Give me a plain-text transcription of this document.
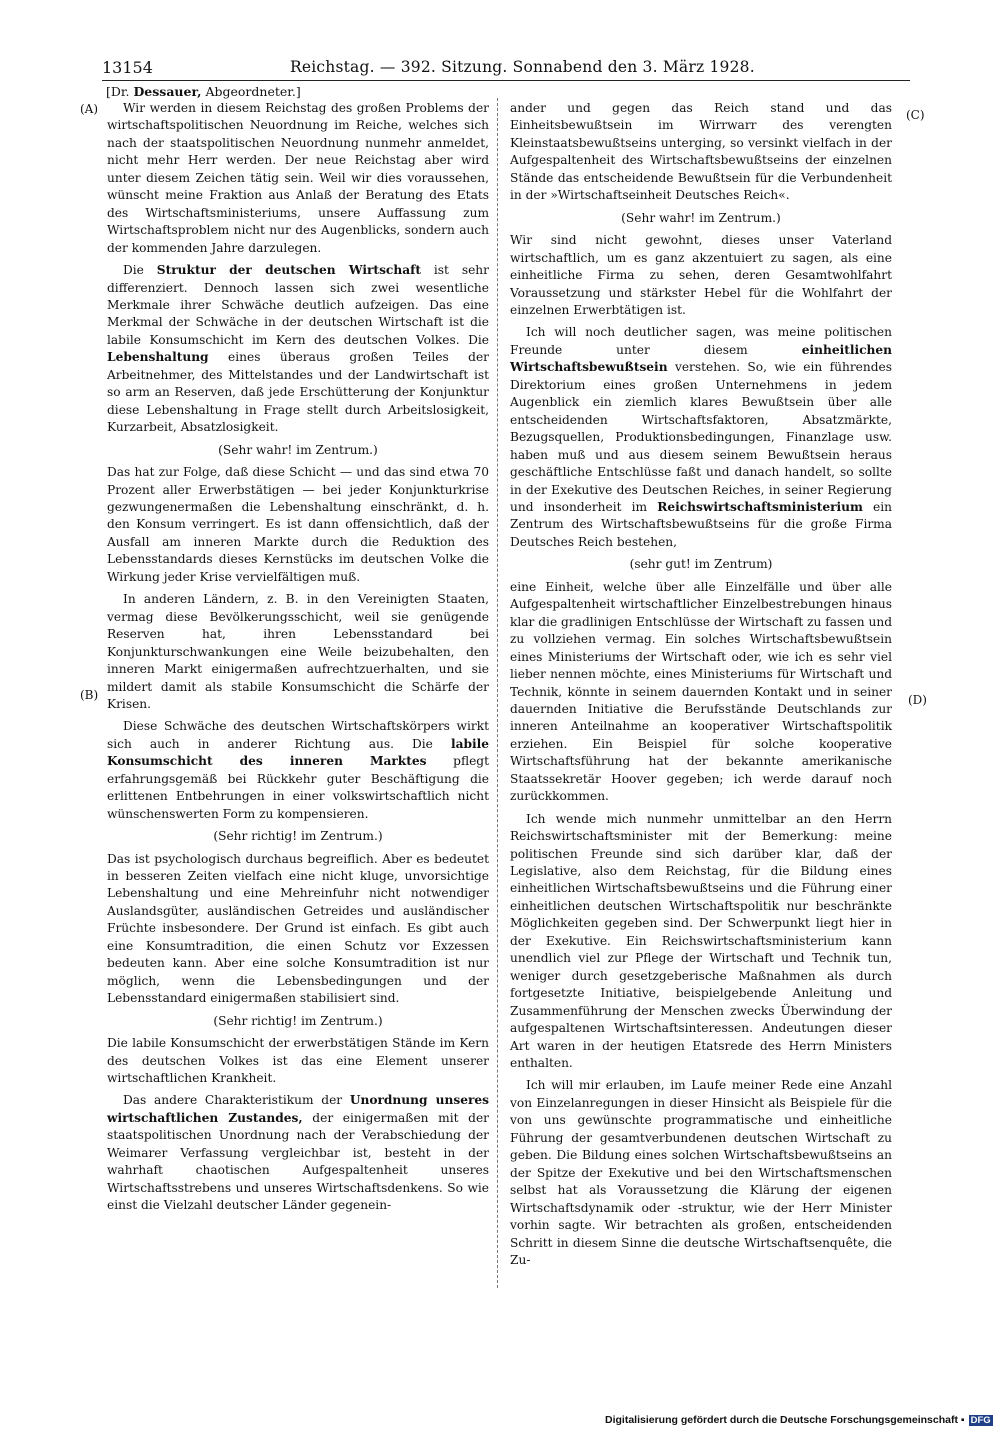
13154	Reichstag. — 392. Sitzung. Sonnabend den 3. März 1928.
[Dr. Dessauer, Abgeordneter.]
(A)
(B)
(C)
(D)

Wir werden in diesem Reichstag des großen Problems der wirtschaftspolitischen Neuordnung im Reiche, welches sich nach der staatspolitischen Neuordnung nunmehr anmeldet, nicht mehr Herr werden. Der neue Reichstag aber wird unter diesem Zeichen tätig sein. Weil wir dies voraussehen, wünscht meine Fraktion aus Anlaß der Beratung des Etats des Wirtschaftsministeriums, unsere Auffassung zum Wirtschaftsproblem nicht nur des Augenblicks, sondern auch der kommenden Jahre darzulegen.

Die Struktur der deutschen Wirtschaft ist sehr differenziert. Dennoch lassen sich zwei wesentliche Merkmale ihrer Schwäche deutlich aufzeigen. Das eine Merkmal der Schwäche in der deutschen Wirtschaft ist die labile Konsumschicht im Kern des deutschen Volkes. Die Lebenshaltung eines überaus großen Teiles der Arbeitnehmer, des Mittelstandes und der Landwirtschaft ist so arm an Reserven, daß jede Erschütterung der Konjunktur diese Lebenshaltung in Frage stellt durch Arbeitslosigkeit, Kurzarbeit, Absatzlosigkeit.

(Sehr wahr! im Zentrum.)

Das hat zur Folge, daß diese Schicht — und das sind etwa 70 Prozent aller Erwerbstätigen — bei jeder Konjunkturkrise gezwungenermaßen die Lebenshaltung einschränkt, d. h. den Konsum verringert. Es ist dann offensichtlich, daß der Ausfall am inneren Markte durch die Reduktion des Lebensstandards dieses Kernstücks im deutschen Volke die Wirkung jeder Krise vervielfältigen muß.

In anderen Ländern, z. B. in den Vereinigten Staaten, vermag diese Bevölkerungsschicht, weil sie genügende Reserven hat, ihren Lebensstandard bei Konjunkturschwankungen eine Weile beizubehalten, den inneren Markt einigermaßen aufrechtzuerhalten, und sie mildert damit als stabile Konsumschicht die Schärfe der Krisen.

Diese Schwäche des deutschen Wirtschaftskörpers wirkt sich auch in anderer Richtung aus. Die labile Konsumschicht des inneren Marktes pflegt erfahrungsgemäß bei Rückkehr guter Beschäftigung die erlittenen Entbehrungen in einer volkswirtschaftlich nicht wünschenswerten Form zu kompensieren.

(Sehr richtig! im Zentrum.)

Das ist psychologisch durchaus begreiflich. Aber es bedeutet in besseren Zeiten vielfach eine nicht kluge, unvorsichtige Lebenshaltung und eine Mehreinfuhr nicht notwendiger Auslandsgüter, ausländischen Getreides und ausländischer Früchte insbesondere. Der Grund ist einfach. Es gibt auch eine Konsumtradition, die einen Schutz vor Exzessen bedeuten kann. Aber eine solche Konsumtradition ist nur möglich, wenn die Lebensbedingungen und der Lebensstandard einigermaßen stabilisiert sind.

(Sehr richtig! im Zentrum.)

Die labile Konsumschicht der erwerbstätigen Stände im Kern des deutschen Volkes ist das eine Element unserer wirtschaftlichen Krankheit.

Das andere Charakteristikum der Unordnung unseres wirtschaftlichen Zustandes, der einigermaßen mit der staatspolitischen Unordnung nach der Verabschiedung der Weimarer Verfassung vergleichbar ist, besteht in der wahrhaft chaotischen Aufgespaltenheit unseres Wirtschaftsstrebens und unseres Wirtschaftsdenkens. So wie einst die Vielzahl deutscher Länder gegenein-

ander und gegen das Reich stand und das Einheitsbewußtsein im Wirrwarr des verengten Kleinstaatsbewußtseins unterging, so versinkt vielfach in der Aufgespaltenheit des Wirtschaftsbewußtseins der einzelnen Stände das entscheidende Bewußtsein für die Verbundenheit in der »Wirtschaftseinheit Deutsches Reich«.

(Sehr wahr! im Zentrum.)

Wir sind nicht gewohnt, dieses unser Vaterland wirtschaftlich, um es ganz akzentuiert zu sagen, als eine einheitliche Firma zu sehen, deren Gesamtwohlfahrt Voraussetzung und stärkster Hebel für die Wohlfahrt der einzelnen Erwerbtätigen ist.

Ich will noch deutlicher sagen, was meine politischen Freunde unter diesem einheitlichen Wirtschaftsbewußtsein verstehen. So, wie ein führendes Direktorium eines großen Unternehmens in jedem Augenblick ein ziemlich klares Bewußtsein über alle entscheidenden Wirtschaftsfaktoren, Absatzmärkte, Bezugsquellen, Produktionsbedingungen, Finanzlage usw. haben muß und aus diesem seinem Bewußtsein heraus geschäftliche Entschlüsse faßt und danach handelt, so sollte in der Exekutive des Deutschen Reiches, in seiner Regierung und insonderheit im Reichswirtschaftsministerium ein Zentrum des Wirtschaftsbewußtseins für die große Firma Deutsches Reich bestehen,

(sehr gut! im Zentrum)

eine Einheit, welche über alle Einzelfälle und über alle Aufgespaltenheit wirtschaftlicher Einzelbestrebungen hinaus klar die gradlinigen Entschlüsse der Wirtschaft zu fassen und zu vollziehen vermag. Ein solches Wirtschaftsbewußtsein eines Ministeriums der Wirtschaft oder, wie ich es sehr viel lieber nennen möchte, eines Ministeriums für Wirtschaft und Technik, könnte in seinem dauernden Kontakt und in seiner dauernden Initiative die Berufsstände Deutschlands zur inneren Anteilnahme an kooperativer Wirtschaftspolitik erziehen. Ein Beispiel für solche kooperative Wirtschaftsführung hat der bekannte amerikanische Staatssekretär Hoover gegeben; ich werde darauf noch zurückkommen.

Ich wende mich nunmehr unmittelbar an den Herrn Reichswirtschaftsminister mit der Bemerkung: meine politischen Freunde sind sich darüber klar, daß der Legislative, also dem Reichstag, für die Bildung eines einheitlichen Wirtschaftsbewußtseins und die Führung einer einheitlichen deutschen Wirtschaftspolitik nur beschränkte Möglichkeiten gegeben sind. Der Schwerpunkt liegt hier in der Exekutive. Ein Reichswirtschaftsministerium kann unendlich viel zur Pflege der Wirtschaft und Technik tun, weniger durch gesetzgeberische Maßnahmen als durch fortgesetzte Initiative, beispielgebende Anleitung und Zusammenführung der Menschen zwecks Überwindung der aufgespaltenen Wirtschaftsinteressen. Andeutungen dieser Art waren in der heutigen Etatsrede des Herrn Ministers enthalten.

Ich will mir erlauben, im Laufe meiner Rede eine Anzahl von Einzelanregungen in dieser Hinsicht als Beispiele für die von uns gewünschte programmatische und einheitliche Führung der gesamtverbundenen deutschen Wirtschaft zu geben. Die Bildung eines solchen Wirtschaftsbewußtseins an der Spitze der Exekutive und bei den Wirtschaftsmenschen selbst hat als Voraussetzung die Klärung der eigenen Wirtschaftsdynamik oder -struktur, wie der Herr Minister vorhin sagte. Wir betrachten als großen, entscheidenden Schritt in diesem Sinne die deutsche Wirtschaftsenquête, die Zu-

Digitalisierung gefördert durch die Deutsche Forschungsgemeinschaft ▪ DFG
